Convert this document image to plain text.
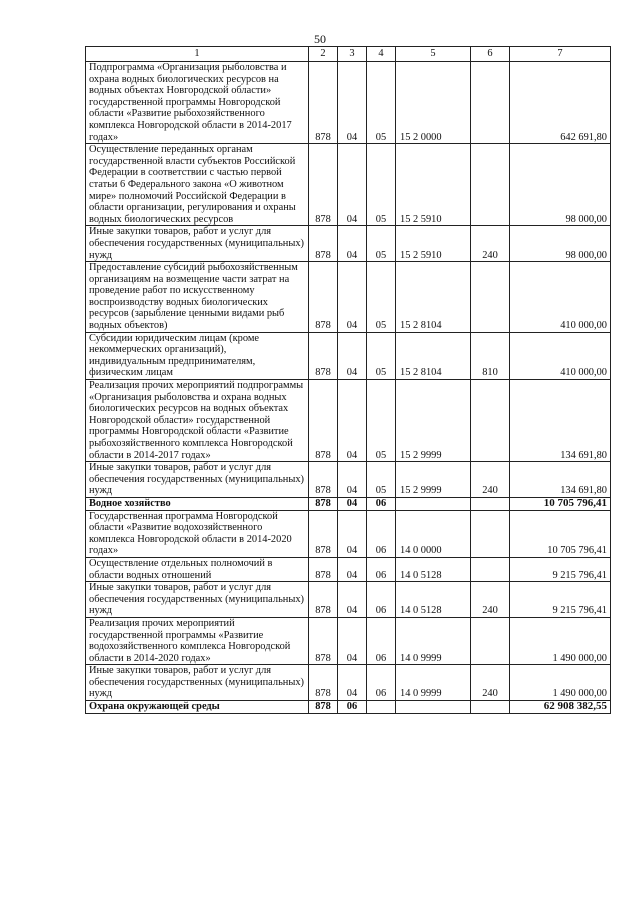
50
1	2	3	4	5	6	7
Подпрограмма «Организация рыболовства и охрана водных биологических ресурсов на водных объектах Новгородской области» государственной программы Новгородской области «Развитие рыбохозяйственного комплекса Новгородской области в 2014-2017 годах»	878	04	05	15 2 0000		642 691,80
Осуществление переданных органам государственной власти субъектов Российской Федерации в соответствии с частью первой статьи 6 Федерального закона «О животном мире» полномочий Российской Федерации в области организации, регулирования и охраны водных биологических ресурсов	878	04	05	15 2 5910		98 000,00
Иные закупки товаров, работ и услуг для обеспечения государственных (муниципальных) нужд	878	04	05	15 2 5910	240	98 000,00
Предоставление субсидий рыбохозяйственным организациям на возмещение части затрат на проведение работ по искусственному воспроизводству водных биологических ресурсов (зарыбление ценными видами рыб водных объектов)	878	04	05	15 2 8104		410 000,00
Субсидии юридическим лицам (кроме некоммерческих организаций), индивидуальным предпринимателям, физическим лицам	878	04	05	15 2 8104	810	410 000,00
Реализация прочих мероприятий подпрограммы «Организация рыболовства и охрана водных биологических ресурсов на водных объектах Новгородской области» государственной программы Новгородской области «Развитие рыбохозяйственного комплекса Новгородской области в 2014-2017 годах»	878	04	05	15 2 9999		134 691,80
Иные закупки товаров, работ и услуг для обеспечения государственных (муниципальных) нужд	878	04	05	15 2 9999	240	134 691,80
Водное хозяйство	878	04	06			10 705 796,41
Государственная программа Новгородской области «Развитие водохозяйственного комплекса Новгородской области в 2014-2020 годах»	878	04	06	14 0 0000		10 705 796,41
Осуществление отдельных полномочий в области водных отношений	878	04	06	14 0 5128		9 215 796,41
Иные закупки товаров, работ и услуг для обеспечения государственных (муниципальных) нужд	878	04	06	14 0 5128	240	9 215 796,41
Реализация прочих мероприятий государственной программы «Развитие водохозяйственного комплекса Новгородской области в 2014-2020 годах»	878	04	06	14 0 9999		1 490 000,00
Иные закупки товаров, работ и услуг для обеспечения государственных (муниципальных) нужд	878	04	06	14 0 9999	240	1 490 000,00
Охрана окружающей среды	878	06				62 908 382,55
